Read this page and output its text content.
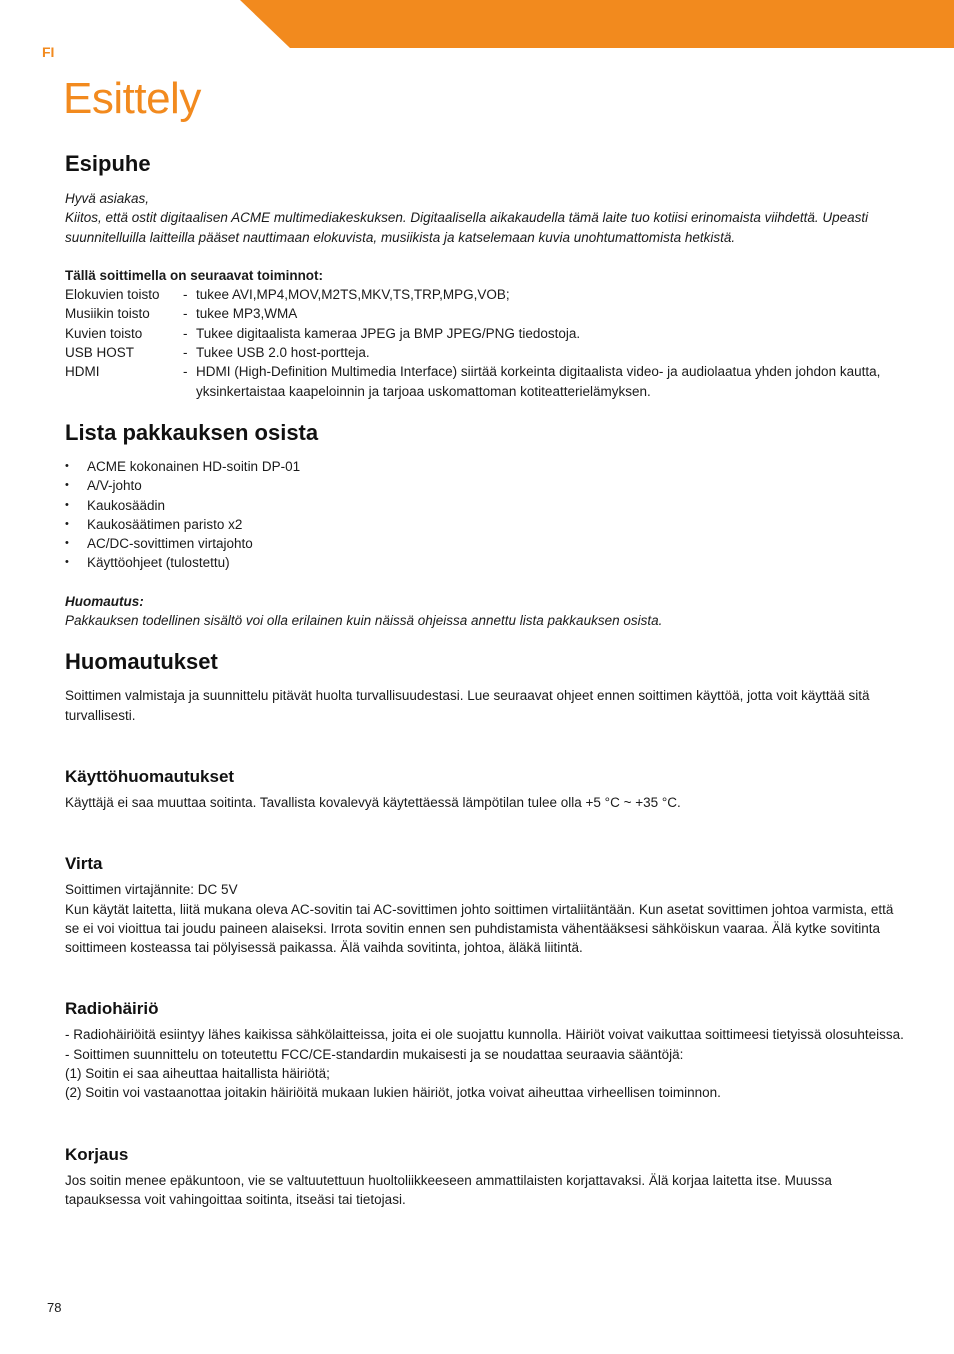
FI
Esittely
Esipuhe

Hyvä asiakas,

Kiitos, että ostit digitaalisen ACME multimediakeskuksen. Digitaalisella aikakaudella tämä laite tuo kotiisi erinomaista viihdettä. Upeasti suunnitelluilla laitteilla pääset nauttimaan elokuvista, musiikista ja katselemaan kuvia unohtumattomista hetkistä.

Tällä soittimella on seuraavat toiminnot:

Elokuvien toisto	-	tukee AVI,MP4,MOV,M2TS,MKV,TS,TRP,MPG,VOB;
Musiikin toisto	-	tukee MP3,WMA
Kuvien toisto	-	Tukee digitaalista kameraa JPEG ja BMP JPEG/PNG tiedostoja.
USB HOST	-	Tukee USB 2.0 host-portteja.
HDMI	-	HDMI (High-Definition Multimedia Interface) siirtää korkeinta digitaalista video- ja audiolaatua yhden johdon kautta, yksinkertaistaa kaapeloinnin ja tarjoaa uskomattoman kotiteatterielämyksen.
Lista pakkauksen osista
• ACME kokonainen HD-soitin DP-01
• A/V-johto
• Kaukosäädin
• Kaukosäätimen paristo x2
• AC/DC-sovittimen virtajohto
• Käyttöohjeet (tulostettu)

Huomautus:

Pakkauksen todellinen sisältö voi olla erilainen kuin näissä ohjeissa annettu lista pakkauksen osista.

Huomautukset

Soittimen valmistaja ja suunnittelu pitävät huolta turvallisuudestasi. Lue seuraavat ohjeet ennen soittimen käyttöä, jotta voit käyttää sitä turvallisesti.

Käyttöhuomautukset

Käyttäjä ei saa muuttaa soitinta. Tavallista kovalevyä käytettäessä lämpötilan tulee olla +5 °C ~ +35 °C.

Virta

Soittimen virtajännite: DC 5V

Kun käytät laitetta, liitä mukana oleva AC-sovitin tai AC-sovittimen johto soittimen virtaliitäntään. Kun asetat sovittimen johtoa varmista, että se ei voi vioittua tai joudu paineen alaiseksi. Irrota sovitin ennen sen puhdistamista vähentääksesi sähköiskun vaaraa. Älä kytke sovitinta soittimeen kosteassa tai pölyisessä paikassa. Älä vaihda sovitinta, johtoa, äläkä liitintä.

Radiohäiriö

- Radiohäiriöitä esiintyy lähes kaikissa sähkölaitteissa, joita ei ole suojattu kunnolla. Häiriöt voivat vaikuttaa soittimeesi tietyissä olosuhteissa.

- Soittimen suunnittelu on toteutettu FCC/CE-standardin mukaisesti ja se noudattaa seuraavia sääntöjä:

(1) Soitin ei saa aiheuttaa haitallista häiriötä;

(2) Soitin voi vastaanottaa joitakin häiriöitä mukaan lukien häiriöt, jotka voivat aiheuttaa virheellisen toiminnon.

Korjaus

Jos soitin menee epäkuntoon, vie se valtuutettuun huoltoliikkeeseen ammattilaisten korjattavaksi. Älä korjaa laitetta itse. Muussa tapauksessa voit vahingoittaa soitinta, itseäsi tai tietojasi.

78
